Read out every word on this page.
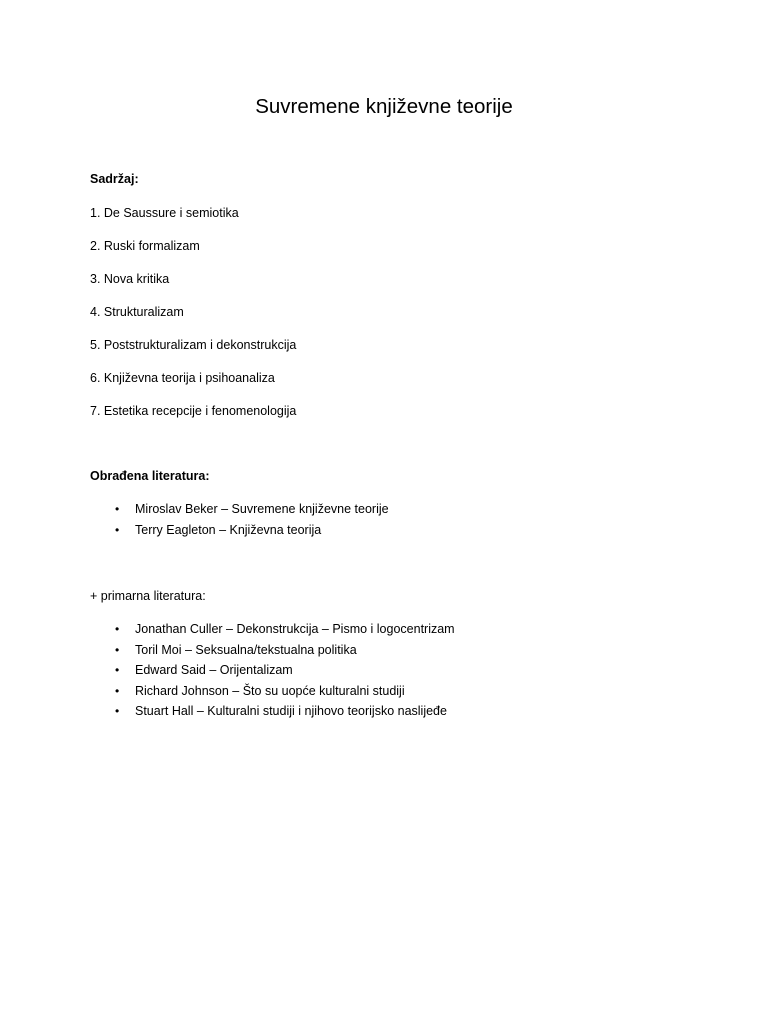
Suvremene književne teorije

Sadržaj:

1. De Saussure i semiotika
2. Ruski formalizam
3. Nova kritika
4. Strukturalizam
5. Poststrukturalizam i dekonstrukcija
6. Književna teorija i psihoanaliza
7. Estetika recepcije i fenomenologija

Obrađena literatura:

• Miroslav Beker – Suvremene književne teorije
• Terry Eagleton – Književna teorija

+ primarna literatura:

• Jonathan Culler – Dekonstrukcija – Pismo i logocentrizam
• Toril Moi – Seksualna/tekstualna politika
• Edward Said – Orijentalizam
• Richard Johnson – Što su uopće kulturalni studiji
• Stuart Hall – Kulturalni studiji i njihovo teorijsko naslijeđe
